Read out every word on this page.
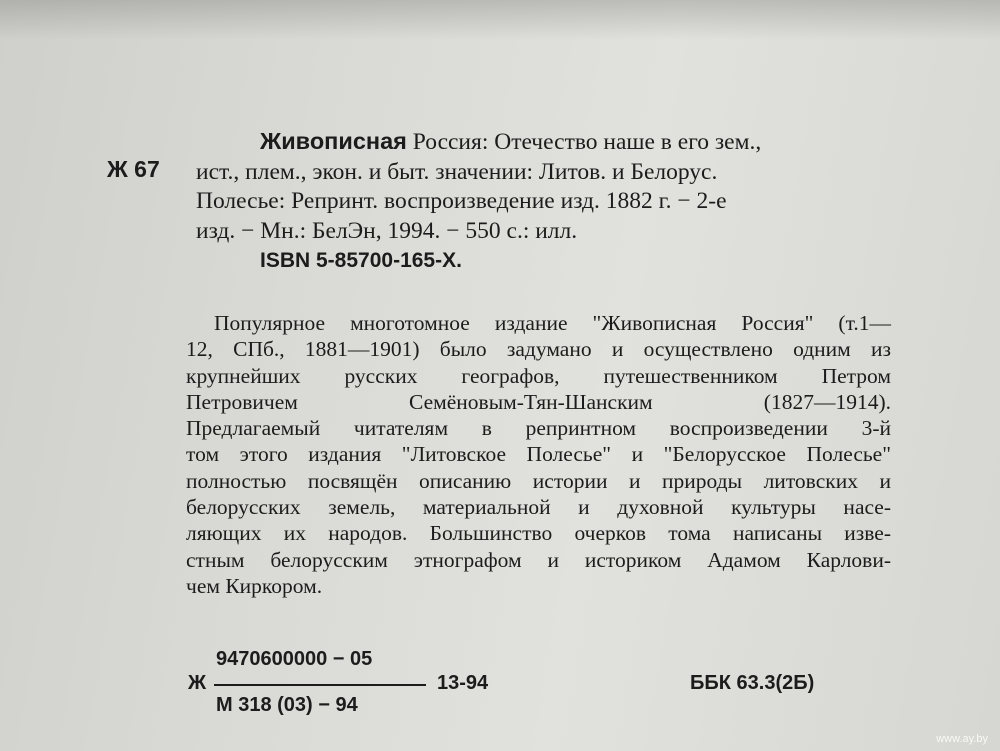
Ж 67
Живописная Россия: Отечество наше в его зем.,
ист., плем., экон. и быт. значении: Литов. и Белорус.
Полесье: Репринт. воспроизведение изд. 1882 г. − 2-е
изд. − Мн.: БелЭн, 1994. − 550 с.: илл.
ISBN 5-85700-165-X.
Популярное многотомное издание "Живописная Россия" (т.1—
12, СПб., 1881—1901) было задумано и осуществлено одним из
крупнейших русских географов, путешественником Петром
Петровичем Семёновым-Тян-Шанским (1827—1914).
Предлагаемый читателям в репринтном воспроизведении 3-й
том этого издания "Литовское Полесье" и "Белорусское Полесье"
полностью посвящён описанию истории и природы литовских и
белорусских земель, материальной и духовной культуры насе-
ляющих их народов. Большинство очерков тома написаны изве-
стным белорусским этнографом и историком Адамом Карлови-
чем Киркором.
9470600000 − 05
Ж	13-94
М 318 (03) − 94
ББК 63.3(2Б)
www.ay.by
